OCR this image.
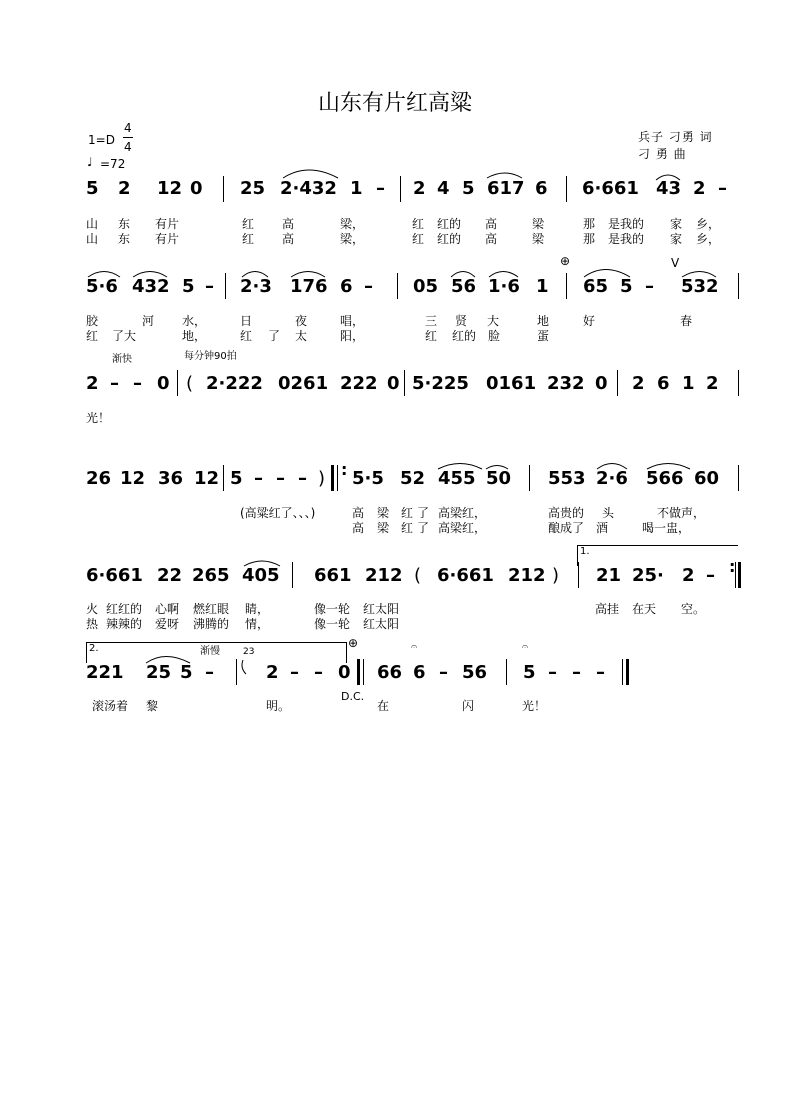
山东有片红高粱
1=D
4
4
♩ =72
兵子 刁勇 词
刁 勇 曲
5 2 12 0 25 2·432 1 – 2 4 5 617 6 6·661 43 2 –
山 东 有片	红 高	梁，	红 红的 高	梁	那 是我的 家 乡，
山 东 有片	红 高	梁，	红 红的 高	梁	那 是我的 家 乡，
⊕	V
5·6 432 5 – 2·3 176 6 – 05 56 1·6 1 65 5 – 532
胶	河 水，	日	夜	唱，	三 贤 大	地	好	春
红 了大	地，	红 了 太	阳，	红 红的 脸	蛋
渐快	每分钟90拍
2 – – 0 ( 2·222 0261 222 0 5·225 0161 232 0 2 6 1 2
光！
26 12 36 12 5 – – – ) : 5·5 52 455 50 553 2·6 566 60
(高粱红了、、、)	高 梁 红 了 高梁红，	高贵的 头	不做声，
高 梁 红 了 高梁红，	酿成了 酒	喝一盅，
1.
6·661 22 265 405 661 212 ( 6·661 212 ) 21 25· 2 – :
火 红红的 心啊 燃红眼 睛，	像一轮 红太阳	高挂 在天 空。
热 辣辣的 爱呀 沸腾的 情，	像一轮 红太阳
2.	渐慢	23
⊕	𝄐	𝄐
221 25 5 –	2 – – 0 66 6 – 56 5 – – –
滚汤着 黎	明。	在	闪	光！
D.C.
